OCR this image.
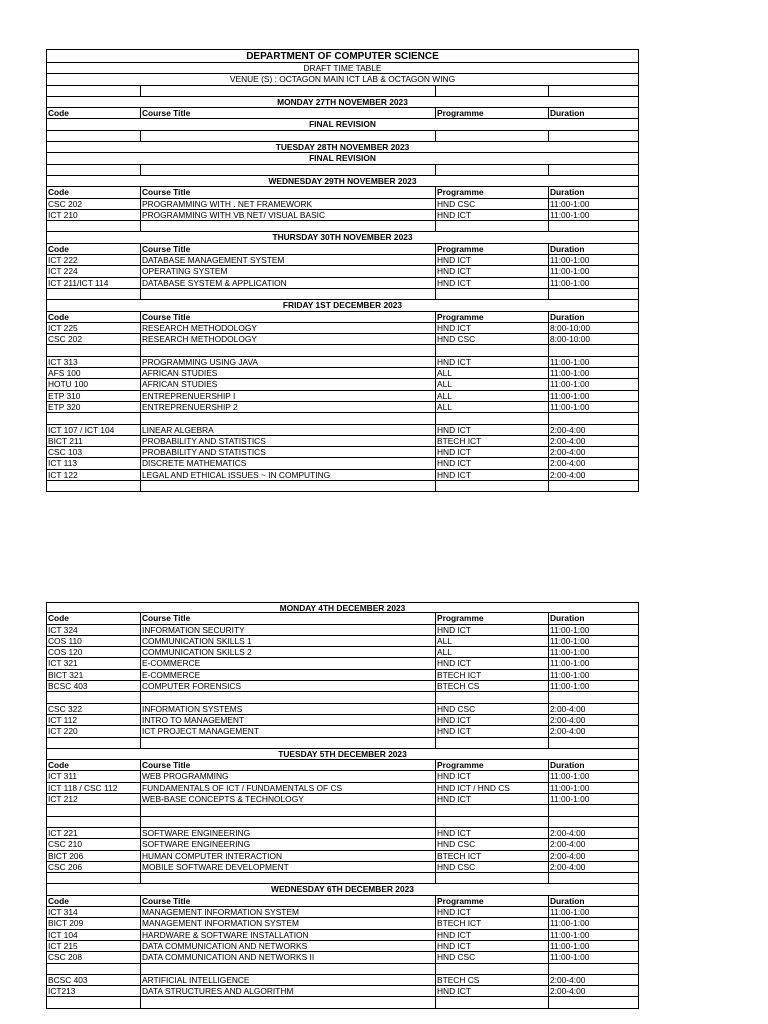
DEPARTMENT OF COMPUTER SCIENCE
DRAFT TIME TABLE
VENUE (S) : OCTAGON MAIN ICT LAB & OCTAGON WING
MONDAY 27TH NOVEMBER 2023
Code	Course Title	Programme	Duration
FINAL REVISION
TUESDAY 28TH NOVEMBER 2023
FINAL REVISION
WEDNESDAY 29TH NOVEMBER 2023
Code	Course Title	Programme	Duration
CSC 202	PROGRAMMING WITH . NET FRAMEWORK	HND CSC	11:00-1:00
ICT 210	PROGRAMMING WITH VB NET/ VISUAL BASIC	HND ICT	11:00-1:00
THURSDAY 30TH NOVEMBER 2023
Code	Course Title	Programme	Duration
ICT 222	DATABASE MANAGEMENT SYSTEM	HND ICT	11:00-1:00
ICT 224	OPERATING SYSTEM	HND ICT	11:00-1:00
ICT 211/ICT 114	DATABASE SYSTEM & APPLICATION	HND ICT	11:00-1:00
FRIDAY 1ST DECEMBER 2023
Code	Course Title	Programme	Duration
ICT 225	RESEARCH METHODOLOGY	HND ICT	8:00-10:00
CSC 202	RESEARCH METHODOLOGY	HND CSC	8:00-10:00
ICT 313	PROGRAMMING USING JAVA	HND ICT	11:00-1:00
AFS 100	AFRICAN STUDIES	ALL	11:00-1:00
HOTU 100	AFRICAN STUDIES	ALL	11:00-1:00
ETP 310	ENTREPRENUERSHIP I	ALL	11:00-1:00
ETP 320	ENTREPRENUERSHIP 2	ALL	11:00-1:00
ICT 107 / ICT 104	LINEAR ALGEBRA	HND ICT	2:00-4:00
BICT 211	PROBABILITY AND STATISTICS	BTECH ICT	2:00-4:00
CSC 103	PROBABILITY AND STATISTICS	HND ICT	2:00-4:00
ICT 113	DISCRETE MATHEMATICS	HND ICT	2:00-4:00
ICT 122	LEGAL AND ETHICAL ISSUES ~ IN COMPUTING	HND ICT	2:00-4:00
MONDAY 4TH DECEMBER 2023
Code	Course Title	Programme	Duration
ICT 324	INFORMATION SECURITY	HND ICT	11:00-1:00
COS 110	COMMUNICATION SKILLS 1	ALL	11:00-1:00
COS 120	COMMUNICATION SKILLS 2	ALL	11:00-1:00
ICT 321	E-COMMERCE	HND ICT	11:00-1:00
BICT 321	E-COMMERCE	BTECH ICT	11:00-1:00
BCSC 403	COMPUTER FORENSICS	BTECH CS	11:00-1:00
CSC 322	INFORMATION SYSTEMS	HND CSC	2:00-4:00
ICT 112	INTRO TO MANAGEMENT	HND ICT	2:00-4:00
ICT 220	ICT PROJECT MANAGEMENT	HND ICT	2:00-4:00
TUESDAY 5TH DECEMBER 2023
Code	Course Title	Programme	Duration
ICT 311	WEB PROGRAMMING	HND ICT	11:00-1:00
ICT 118 / CSC 112	FUNDAMENTALS OF ICT / FUNDAMENTALS OF CS	HND ICT / HND CS	11:00-1:00
ICT 212	WEB-BASE CONCEPTS & TECHNOLOGY	HND ICT	11:00-1:00
ICT 221	SOFTWARE ENGINEERING	HND ICT	2:00-4:00
CSC 210	SOFTWARE ENGINEERING	HND CSC	2:00-4:00
BICT 206	HUMAN COMPUTER INTERACTION	BTECH ICT	2:00-4:00
CSC 206	MOBILE SOFTWARE DEVELOPMENT	HND CSC	2:00-4:00
WEDNESDAY 6TH DECEMBER 2023
Code	Course Title	Programme	Duration
ICT 314	MANAGEMENT INFORMATION SYSTEM	HND ICT	11:00-1:00
BICT 209	MANAGEMENT INFORMATION SYSTEM	BTECH ICT	11:00-1:00
ICT 104	HARDWARE & SOFTWARE INSTALLATION	HND ICT	11:00-1:00
ICT 215	DATA COMMUNICATION AND NETWORKS	HND ICT	11:00-1:00
CSC 208	DATA COMMUNICATION AND NETWORKS II	HND CSC	11:00-1:00
BCSC 403	ARTIFICIAL INTELLIGENCE	BTECH CS	2:00-4:00
ICT213	DATA STRUCTURES AND ALGORITHM	HND ICT	2:00-4:00
